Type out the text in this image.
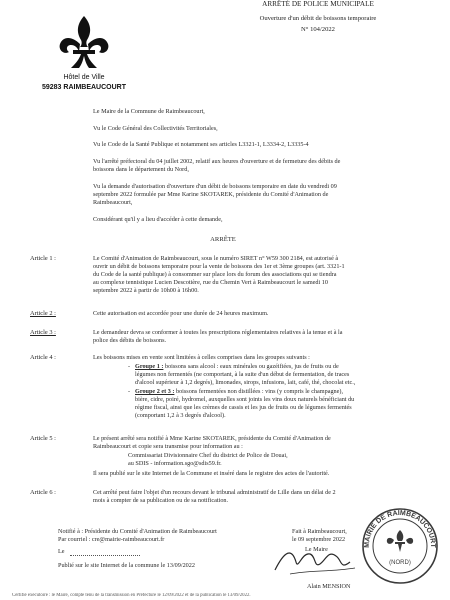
ARRÊTÉ DE POLICE MUNICIPALE
Ouverture d'un débit de boissons temporaire
N° 104/2022
Hôtel de Ville
59283 RAIMBEAUCOURT
Le Maire de la Commune de Raimbeaucourt,
Vu le Code Général des Collectivités Territoriales,
Vu le Code de la Santé Publique et notamment ses articles L3321-1, L3334-2, L3335-4
Vu l'arrêté préfectoral du 04 juillet 2002, relatif aux heures d'ouverture et de fermeture des débits de
boissons dans le département du Nord,
Vu la demande d'autorisation d'ouverture d'un débit de boissons temporaire en date du vendredi 09
septembre 2022 formulée par Mme Karine SKOTAREK, présidente du Comité d'Animation de
Raimbeaucourt,
Considérant qu'il y a lieu d'accéder à cette demande,
ARRÊTE
Article 1 :	Le Comité d'Animation de Raimbeaucourt, sous le numéro SIRET n° W59 300 2184, est autorisé à
ouvrir un débit de boissons temporaire pour la vente de boissons des 1er et 3ème groupes (art. 3321-1
du Code de la santé publique) à consommer sur place lors du forum des associations qui se tiendra
au complexe tennistique Lucien Descotière, rue du Chemin Vert à Raimbeaucourt le samedi 10
septembre 2022 à partir de 10h00 à 16h00.
Article 2 :	Cette autorisation est accordée pour une durée de 24 heures maximum.
Article 3 :	Le demandeur devra se conformer à toutes les prescriptions réglementaires relatives à la tenue et à la
police des débits de boissons.
Article 4 :	Les boissons mises en vente sont limitées à celles comprises dans les groupes suivants :
- Groupe 1 : boissons sans alcool : eaux minérales ou gazéifiées, jus de fruits ou de
légumes non fermentés (ne comportant, à la suite d'un début de fermentation, de traces
d'alcool supérieur à 1,2 degrés), limonades, sirops, infusions, lait, café, thé, chocolat etc.,
- Groupe 2 et 3 : boissons fermentées non distillées : vins (y compris le champagne),
bière, cidre, poiré, hydromel, auxquelles sont joints les vins doux naturels bénéficiant du
régime fiscal, ainsi que les crèmes de cassis et les jus de fruits ou de légumes fermentés
(comportant 1,2 à 3 degrés d'alcool).
Article 5 :	Le présent arrêté sera notifié à Mme Karine SKOTAREK, présidente du Comité d'Animation de
Raimbeaucourt et copie sera transmise pour information au :
Commissariat Divisionnaire Chef du district de Police de Douai,
au SDIS - information.sgo@sdis59.fr.
Il sera publié sur le site Internet de la Commune et inséré dans le registre des actes de l'autorité.
Article 6 :	Cet arrêté peut faire l'objet d'un recours devant le tribunal administratif de Lille dans un délai de 2
mois à compter de sa publication ou de sa notification.
Notifié à : Présidente du Comité d'Animation de Raimbeaucourt
Par courriel : cre@mairie-raimbeaucourt.fr
Le
Publié sur le site Internet de la commune le 13/09/2022
Fait à Raimbeaucourt,
le 09 septembre 2022
Le Maire
Alain MENSION
MAIRIE DE RAIMBEAUCOURT
(NORD)
Certifié exécutoire : le Maire, compte tenu de la transmission en Préfecture le 12/09/2022 et de la publication le 13/09/2022.
